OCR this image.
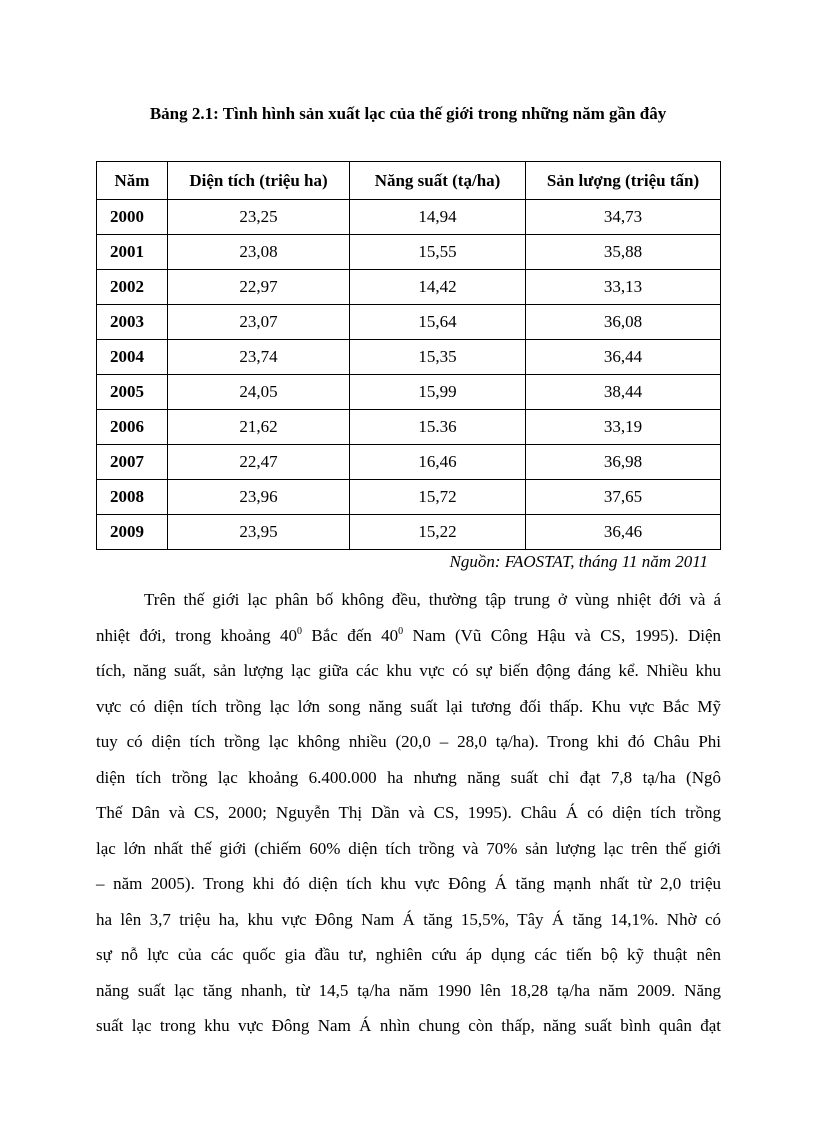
Bảng 2.1: Tình hình sản xuất lạc của thế giới trong những năm gần đây
Năm	Diện tích (triệu ha)	Năng suất (tạ/ha)	Sản lượng (triệu tấn)
2000	23,25	14,94	34,73
2001	23,08	15,55	35,88
2002	22,97	14,42	33,13
2003	23,07	15,64	36,08
2004	23,74	15,35	36,44
2005	24,05	15,99	38,44
2006	21,62	15.36	33,19
2007	22,47	16,46	36,98
2008	23,96	15,72	37,65
2009	23,95	15,22	36,46
Nguồn: FAOSTAT, tháng 11 năm 2011
Trên thế giới lạc phân bố không đều, thường tập trung ở vùng nhiệt đới và á
nhiệt đới, trong khoảng $40^0$ Bắc đến $40^0$ Nam (Vũ Công Hậu và CS, 1995). Diện
tích, năng suất, sản lượng lạc giữa các khu vực có sự biến động đáng kể. Nhiều khu
vực có diện tích trồng lạc lớn song năng suất lại tương đối thấp. Khu vực Bắc Mỹ
tuy có diện tích trồng lạc không nhiều (20,0 – 28,0 tạ/ha). Trong khi đó Châu Phi
diện tích trồng lạc khoảng 6.400.000 ha nhưng năng suất chỉ đạt 7,8 tạ/ha (Ngô
Thế Dân và CS, 2000; Nguyễn Thị Dần và CS, 1995). Châu Á có diện tích trồng
lạc lớn nhất thế giới (chiếm 60% diện tích trồng và 70% sản lượng lạc trên thế giới
– năm 2005). Trong khi đó diện tích khu vực Đông Á tăng mạnh nhất từ 2,0 triệu
ha lên 3,7 triệu ha, khu vực Đông Nam Á tăng 15,5%, Tây Á tăng 14,1%. Nhờ có
sự nỗ lực của các quốc gia đầu tư, nghiên cứu áp dụng các tiến bộ kỹ thuật nên
năng suất lạc tăng nhanh, từ 14,5 tạ/ha năm 1990 lên 18,28 tạ/ha năm 2009. Năng
suất lạc trong khu vực Đông Nam Á nhìn chung còn thấp, năng suất bình quân đạt
